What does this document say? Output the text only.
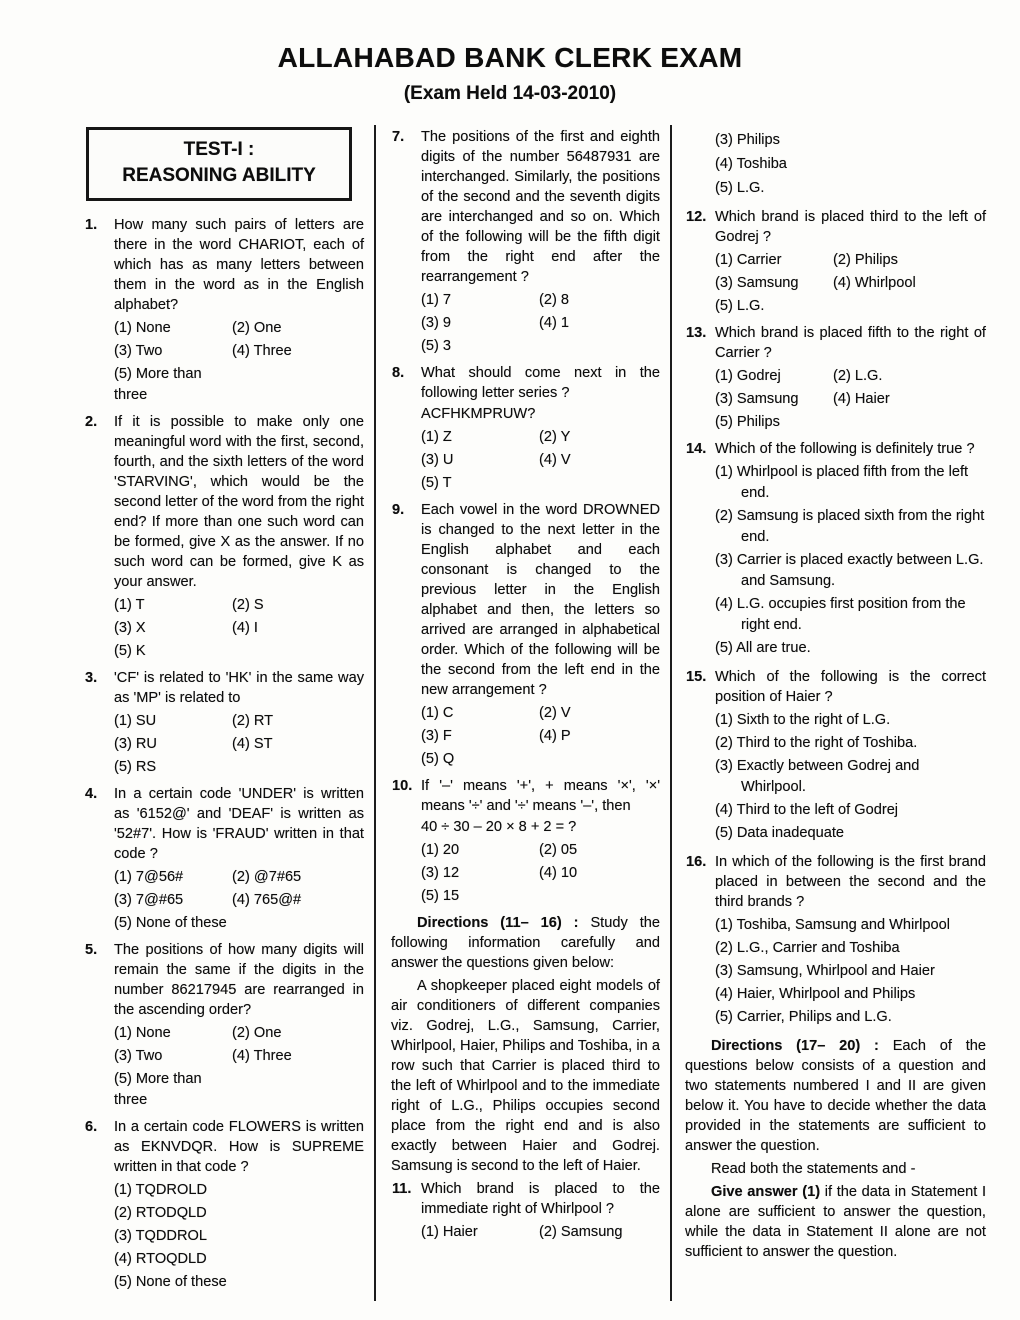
ALLAHABAD BANK CLERK EXAM
(Exam Held 14-03-2010)
TEST-I :
REASONING ABILITY
1.	How many such pairs of letters are there in the word CHARIOT, each of which has as many letters between them in the word as in the English alphabet?
(1) None	(2) One
(3) Two	(4) Three
(5) More than three
2.	If it is possible to make only one meaningful word with the first, second, fourth, and the sixth letters of the word 'STARVING', which would be the second letter of the word from the right end? If more than one such word can be formed, give X as the answer. If no such word can be formed, give K as your answer.
(1) T	(2) S
(3) X	(4) I
(5) K
3.	'CF' is related to 'HK' in the same way as 'MP' is related to
(1) SU	(2) RT
(3) RU	(4) ST
(5) RS
4.	In a certain code 'UNDER' is written as '6152@' and 'DEAF' is written as '52#7'. How is 'FRAUD' written in that code ?
(1) 7@56#	(2) @7#65
(3) 7@#65	(4) 765@#
(5) None of these
5.	The positions of how many digits will remain the same if the digits in the number 86217945 are rearranged in the ascending order?
(1) None	(2) One
(3) Two	(4) Three
(5) More than three
6.	In a certain code FLOWERS is written as EKNVDQR. How is SUPREME written in that code ?
(1) TQDROLD
(2) RTODQLD
(3) TQDDROL
(4) RTOQDLD
(5) None of these
7.	The positions of the first and eighth digits of the number 56487931 are interchanged. Similarly, the positions of the second and the seventh digits are interchanged and so on. Which of the following will be the fifth digit from the right end after the rearrangement ?
(1) 7	(2) 8
(3) 9	(4) 1
(5) 3
8.	What should come next in the following letter series ?
ACFHKMPRUW?
(1) Z	(2) Y
(3) U	(4) V
(5) T
9.	Each vowel in the word DROWNED is changed to the next letter in the English alphabet and each consonant is changed to the previous letter in the English alphabet and then, the letters so arrived are arranged in alphabetical order. Which of the following will be the second from the left end in the new arrangement ?
(1) C	(2) V
(3) F	(4) P
(5) Q
10. If '–' means '+', + means '×', '×' means '÷' and '÷' means '–', then
40 ÷ 30 – 20 × 8 + 2 = ?
(1) 20	(2) 05
(3) 12	(4) 10
(5) 15
Directions (11– 16) : Study the following information carefully and answer the questions given below:
A shopkeeper placed eight models of air conditioners of different companies viz. Godrej, L.G., Samsung, Carrier, Whirlpool, Haier, Philips and Toshiba, in a row such that Carrier is placed third to the left of Whirlpool and to the immediate right of L.G., Philips occupies second place from the right end and is also exactly between Haier and Godrej. Samsung is second to the left of Haier.
11. Which brand is placed to the immediate right of Whirlpool ?
(1) Haier	(2) Samsung
(3) Philips
(4) Toshiba
(5) L.G.
12. Which brand is placed third to the left of Godrej ?
(1) Carrier	(2) Philips
(3) Samsung	(4) Whirlpool
(5) L.G.
13. Which brand is placed fifth to the right of Carrier ?
(1) Godrej	(2) L.G.
(3) Samsung	(4) Haier
(5) Philips
14. Which of the following is definitely true ?
(1) Whirlpool is placed fifth from the left end.
(2) Samsung is placed sixth from the right end.
(3) Carrier is placed exactly between L.G. and Samsung.
(4) L.G. occupies first position from the right end.
(5) All are true.
15. Which of the following is the correct position of Haier ?
(1) Sixth to the right of L.G.
(2) Third to the right of Toshiba.
(3) Exactly between Godrej and Whirlpool.
(4) Third to the left of Godrej
(5) Data inadequate
16. In which of the following is the first brand placed in between the second and the third brands ?
(1) Toshiba, Samsung and Whirlpool
(2) L.G., Carrier and Toshiba
(3) Samsung, Whirlpool and Haier
(4) Haier, Whirlpool and Philips
(5) Carrier, Philips and L.G.
Directions (17– 20) : Each of the questions below consists of a question and two statements numbered I and II are given below it. You have to decide whether the data provided in the statements are sufficient to answer the question.
Read both the statements and -
Give answer (1) if the data in Statement I alone are sufficient to answer the question, while the data in Statement II alone are not sufficient to answer the question.
